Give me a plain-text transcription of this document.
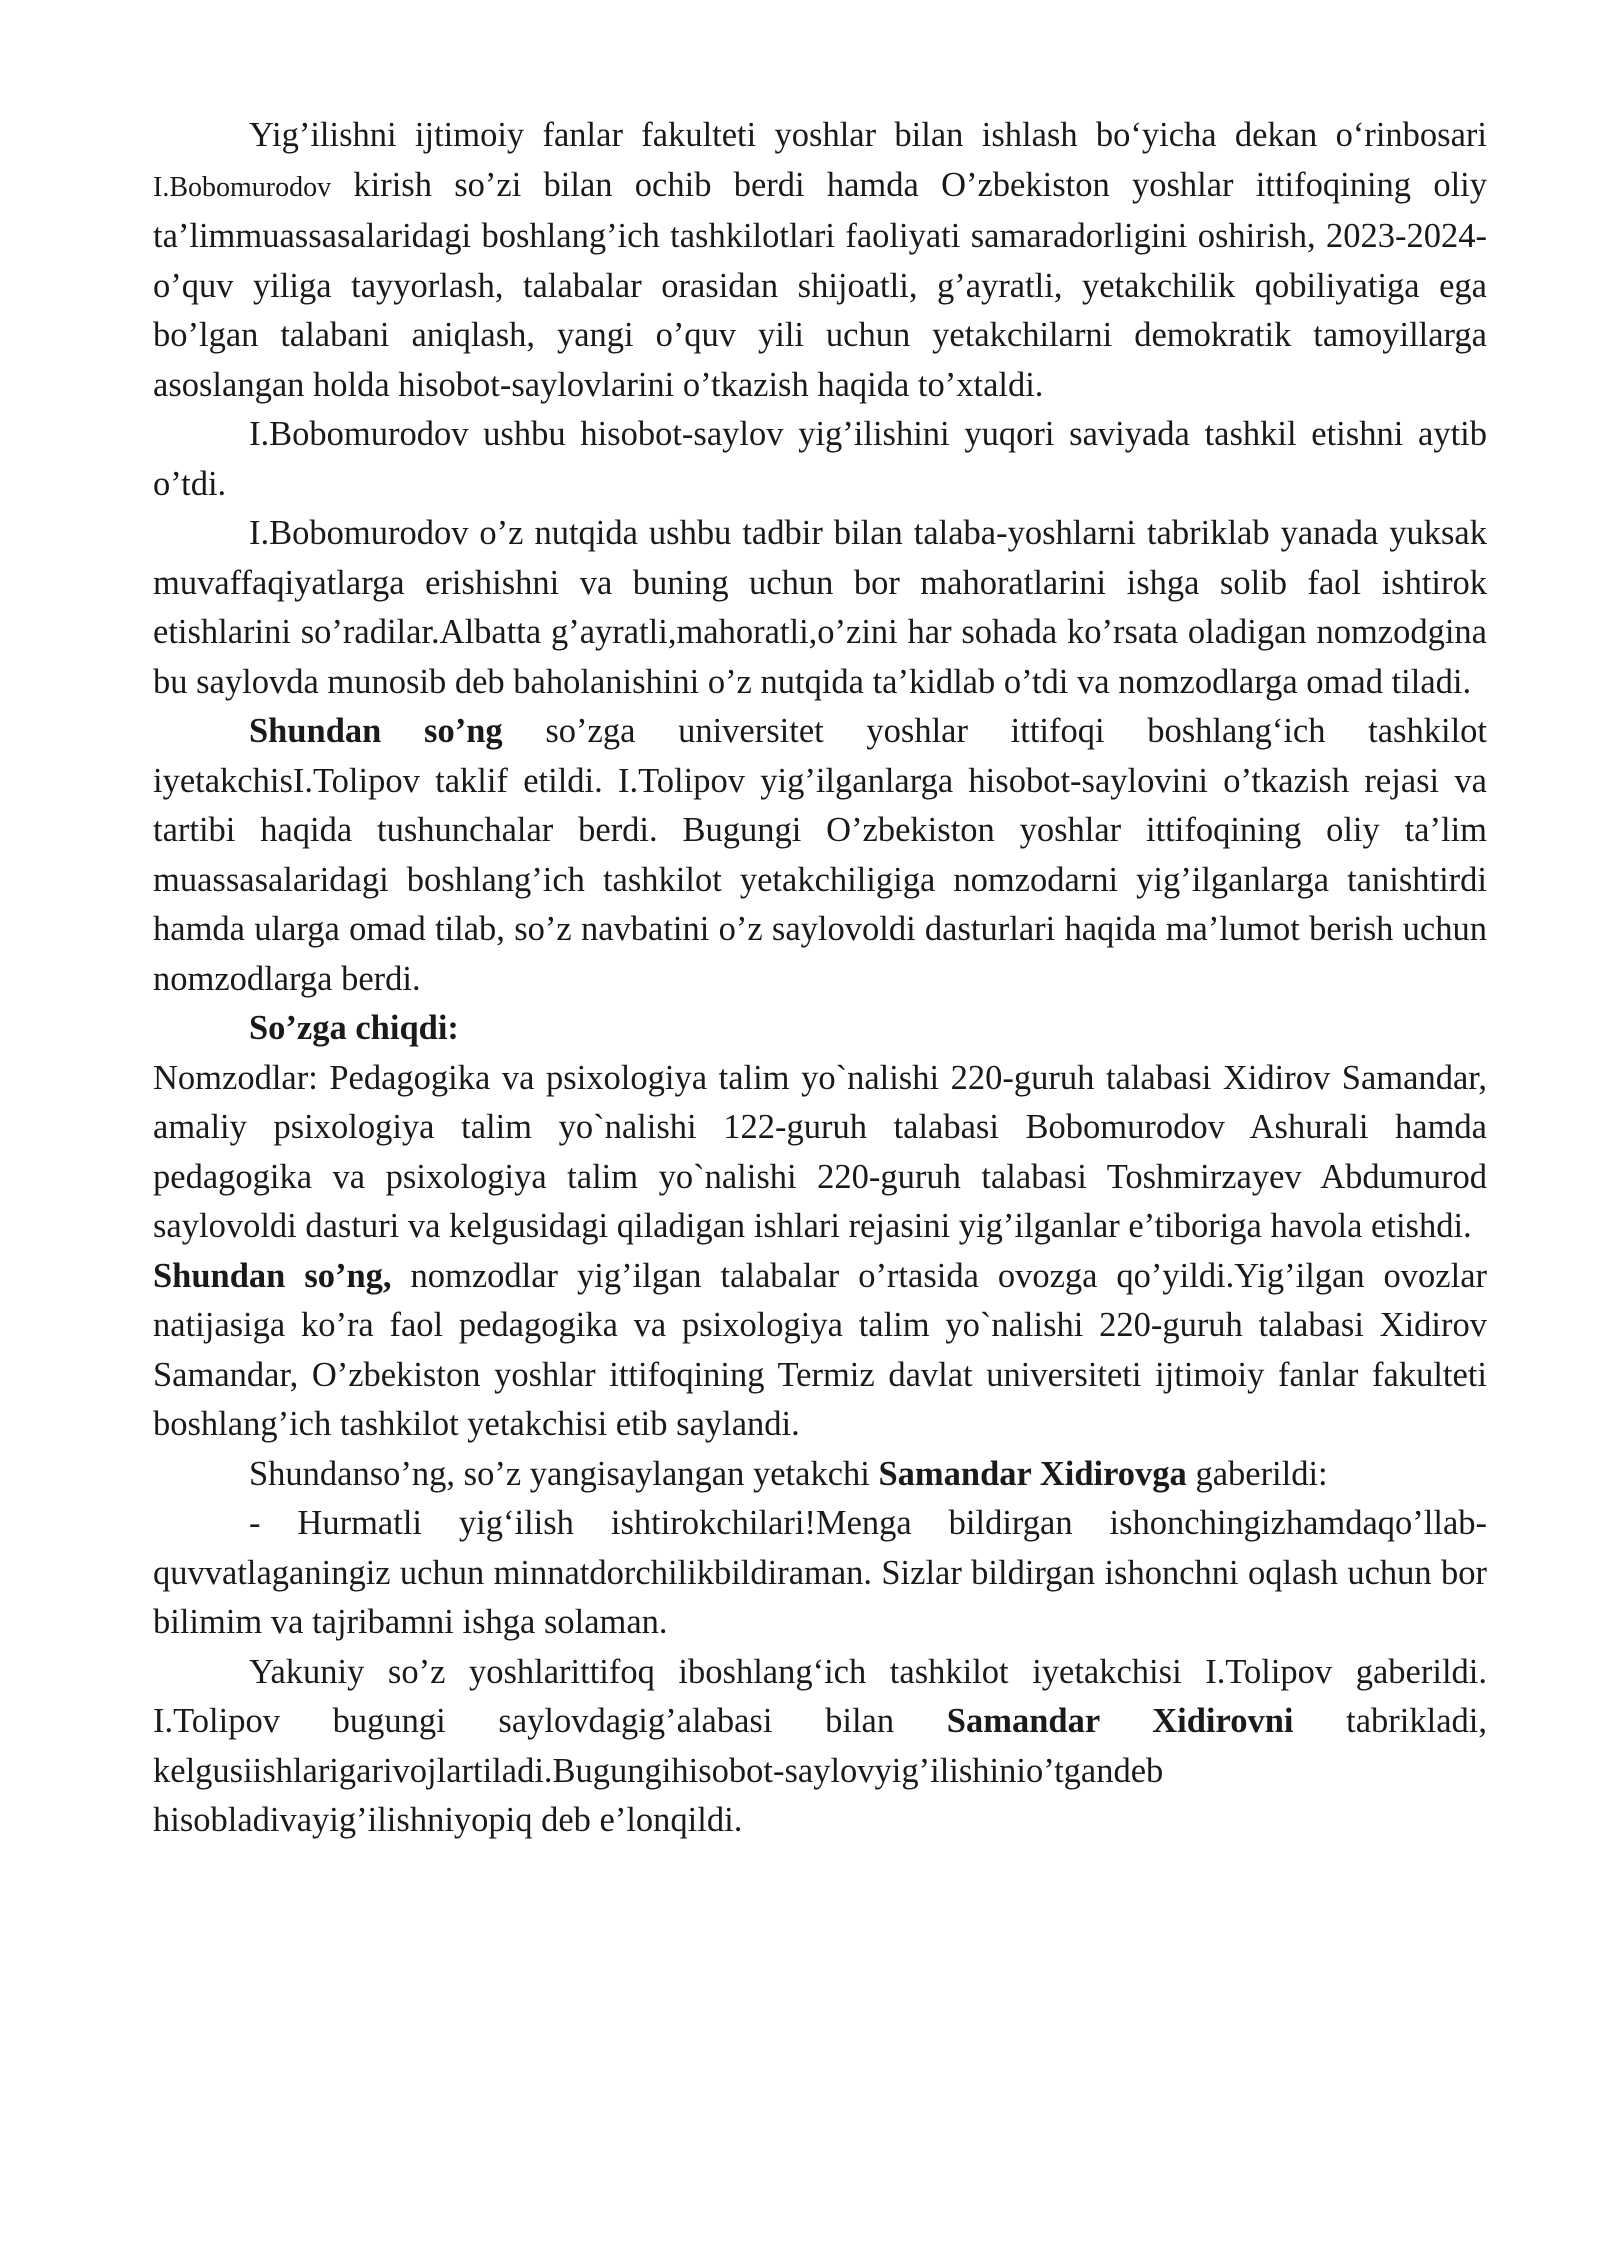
Yig’ilishni ijtimoiy fanlar fakulteti yoshlar bilan ishlash bo‘yicha dekan o‘rinbosari I.Bobomurodov kirish so’zi bilan ochib berdi hamda O’zbekiston yoshlar ittifoqining oliy ta’limmuassasalaridagi boshlang’ich tashkilotlari faoliyati samaradorligini oshirish, 2023-2024-o’quv yiliga tayyorlash, talabalar orasidan shijoatli, g’ayratli, yetakchilik qobiliyatiga ega bo’lgan talabani aniqlash, yangi o’quv yili uchun yetakchilarni demokratik tamoyillarga asoslangan holda hisobot-saylovlarini o’tkazish haqida to’xtaldi.

I.Bobomurodov ushbu hisobot-saylov yig’ilishini yuqori saviyada tashkil etishni aytib o’tdi.

I.Bobomurodov o’z nutqida ushbu tadbir bilan talaba-yoshlarni tabriklab yanada yuksak muvaffaqiyatlarga erishishni va buning uchun bor mahoratlarini ishga solib faol ishtirok etishlarini so’radilar.Albatta g’ayratli,mahoratli,o’zini har sohada ko’rsata oladigan nomzodgina bu saylovda munosib deb baholanishini o’z nutqida ta’kidlab o’tdi va nomzodlarga omad tiladi.

Shundan so’ng so’zga universitet yoshlar ittifoqi boshlang‘ich tashkilot iyetakchisI.Tolipov taklif etildi. I.Tolipov yig’ilganlarga hisobot-saylovini o’tkazish rejasi va tartibi haqida tushunchalar berdi. Bugungi O’zbekiston yoshlar ittifoqining oliy ta’lim muassasalaridagi boshlang’ich tashkilot yetakchiligiga nomzodarni yig’ilganlarga tanishtirdi hamda ularga omad tilab, so’z navbatini o’z saylovoldi dasturlari haqida ma’lumot berish uchun nomzodlarga berdi.

So’zga chiqdi:

Nomzodlar: Pedagogika va psixologiya talim yo`nalishi 220-guruh talabasi Xidirov Samandar, amaliy psixologiya talim yo`nalishi 122-guruh talabasi Bobomurodov Ashurali hamda pedagogika va psixologiya talim yo`nalishi 220-guruh talabasi Toshmirzayev Abdumurod saylovoldi dasturi va kelgusidagi qiladigan ishlari rejasini yig’ilganlar e’tiboriga havola etishdi.

Shundan so’ng, nomzodlar yig’ilgan talabalar o’rtasida ovozga qo’yildi.Yig’ilgan ovozlar natijasiga ko’ra faol pedagogika va psixologiya talim yo`nalishi 220-guruh talabasi Xidirov Samandar, O’zbekiston yoshlar ittifoqining Termiz davlat universiteti ijtimoiy fanlar fakulteti boshlang’ich tashkilot yetakchisi etib saylandi.

Shundanso’ng, so’z yangisaylangan yetakchi Samandar Xidirovga gaberildi:

- Hurmatli yig‘ilish ishtirokchilari!Menga bildirgan ishonchingizhamdaqo’llab-quvvatlaganingiz uchun minnatdorchilikbildiraman. Sizlar bildirgan ishonchni oqlash uchun bor bilimim va tajribamni ishga solaman.

Yakuniy so’z yoshlarittifoq iboshlang‘ich tashkilot iyetakchisi I.Tolipov gaberildi. I.Tolipov bugungi saylovdagig’alabasi bilan Samandar Xidirovni tabrikladi, kelgusiishlarigarivojlartiladi.Bugungihisobot-saylovyig’ilishinio’tgandeb hisobladivayig’ilishniyopiq deb e’lonqildi.
